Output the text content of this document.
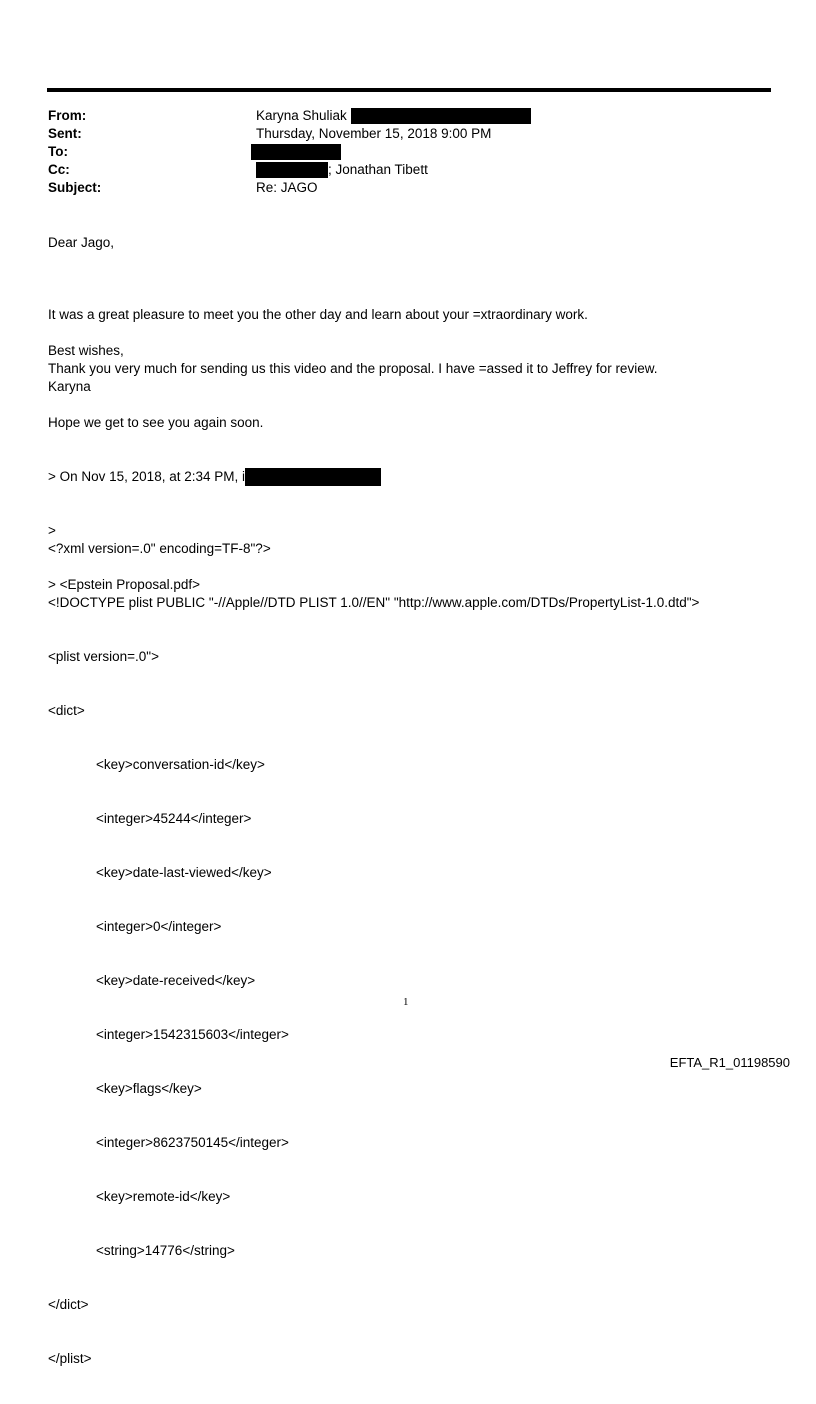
From:	Karyna Shuliak
Sent:	Thursday, November 15, 2018 9:00 PM
To:
Cc:	; Jonathan Tibett
Subject:	Re: JAGO
Dear Jago,

It was a great pleasure to meet you the other day and learn about your =xtraordinary work.

Thank you very much for sending us this video and the proposal. I have =assed it to Jeffrey for review.

Hope we get to see you again soon.

Best wishes,
Karyna

> On Nov 15, 2018, at 2:34 PM, i

>

> <Epstein Proposal.pdf>

<?xml version=.0" encoding=TF-8"?>

<!DOCTYPE plist PUBLIC "-//Apple//DTD PLIST 1.0//EN" "http://www.apple.com/DTDs/PropertyList-1.0.dtd">

<plist version=.0">

<dict>

<key>conversation-id</key>

<integer>45244</integer>

<key>date-last-viewed</key>

<integer>0</integer>

<key>date-received</key>

<integer>1542315603</integer>

<key>flags</key>

<integer>8623750145</integer>

<key>remote-id</key>

<string>14776</string>

</dict>

</plist>

1
EFTA_R1_01198590
